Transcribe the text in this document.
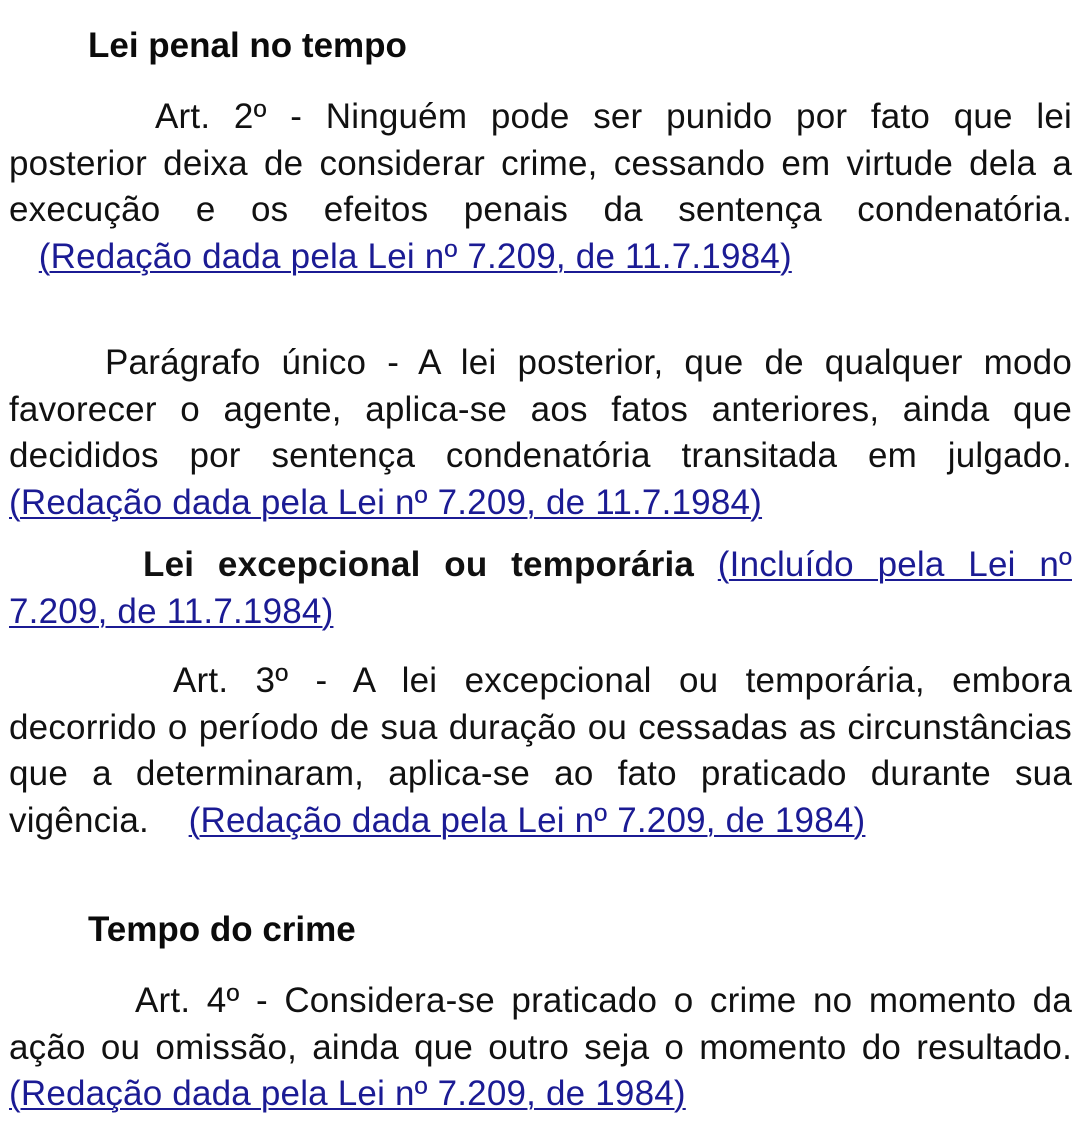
Lei penal no tempo
Art. 2º - Ninguém pode ser punido por fato que lei posterior deixa de considerar crime, cessando em virtude dela a execução e os efeitos penais da sentença condenatória.    (Redação dada pela Lei nº 7.209, de 11.7.1984)
Parágrafo único - A lei posterior, que de qualquer modo favorecer o agente, aplica-se aos fatos anteriores, ainda que decididos por sentença condenatória transitada em julgado. (Redação dada pela Lei nº 7.209, de 11.7.1984)
Lei excepcional ou temporária (Incluído pela Lei nº 7.209, de 11.7.1984)
Art. 3º - A lei excepcional ou temporária, embora decorrido o período de sua duração ou cessadas as circunstâncias que a determinaram, aplica-se ao fato praticado durante sua vigência. (Redação dada pela Lei nº 7.209, de 1984)
Tempo do crime
Art. 4º - Considera-se praticado o crime no momento da ação ou omissão, ainda que outro seja o momento do resultado.(Redação dada pela Lei nº 7.209, de 1984)
